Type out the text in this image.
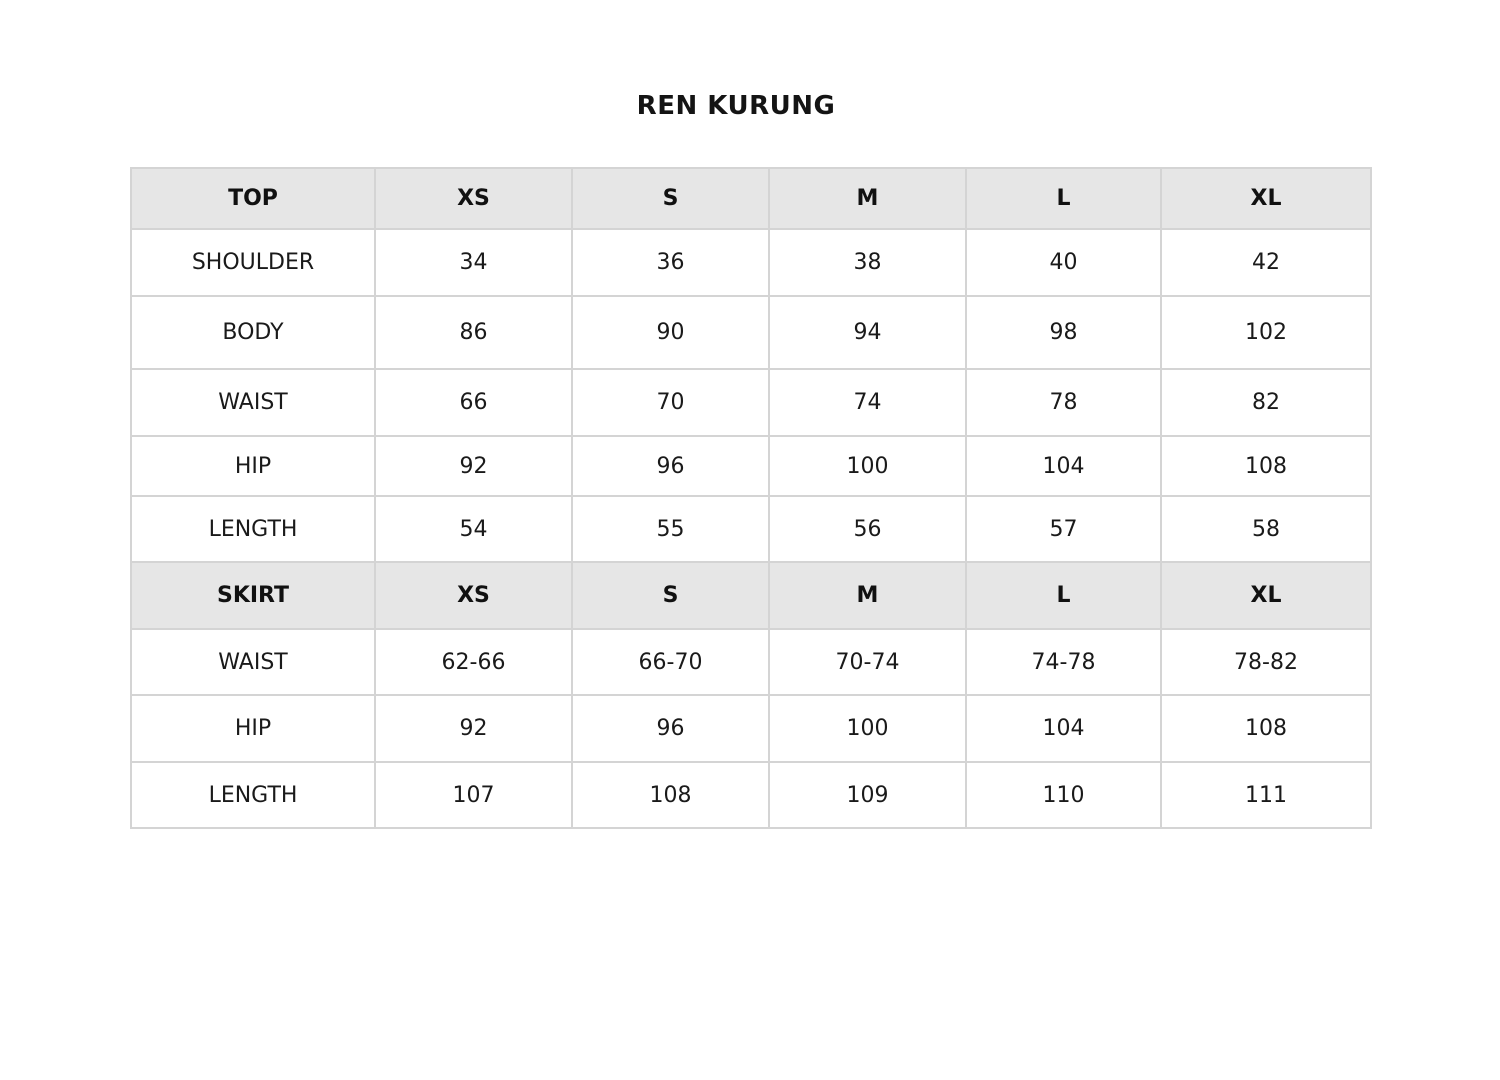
REN KURUNG
TOP	XS	S	M	L	XL
SHOULDER	34	36	38	40	42
BODY	86	90	94	98	102
WAIST	66	70	74	78	82
HIP	92	96	100	104	108
LENGTH	54	55	56	57	58
SKIRT	XS	S	M	L	XL
WAIST	62-66	66-70	70-74	74-78	78-82
HIP	92	96	100	104	108
LENGTH	107	108	109	110	111
